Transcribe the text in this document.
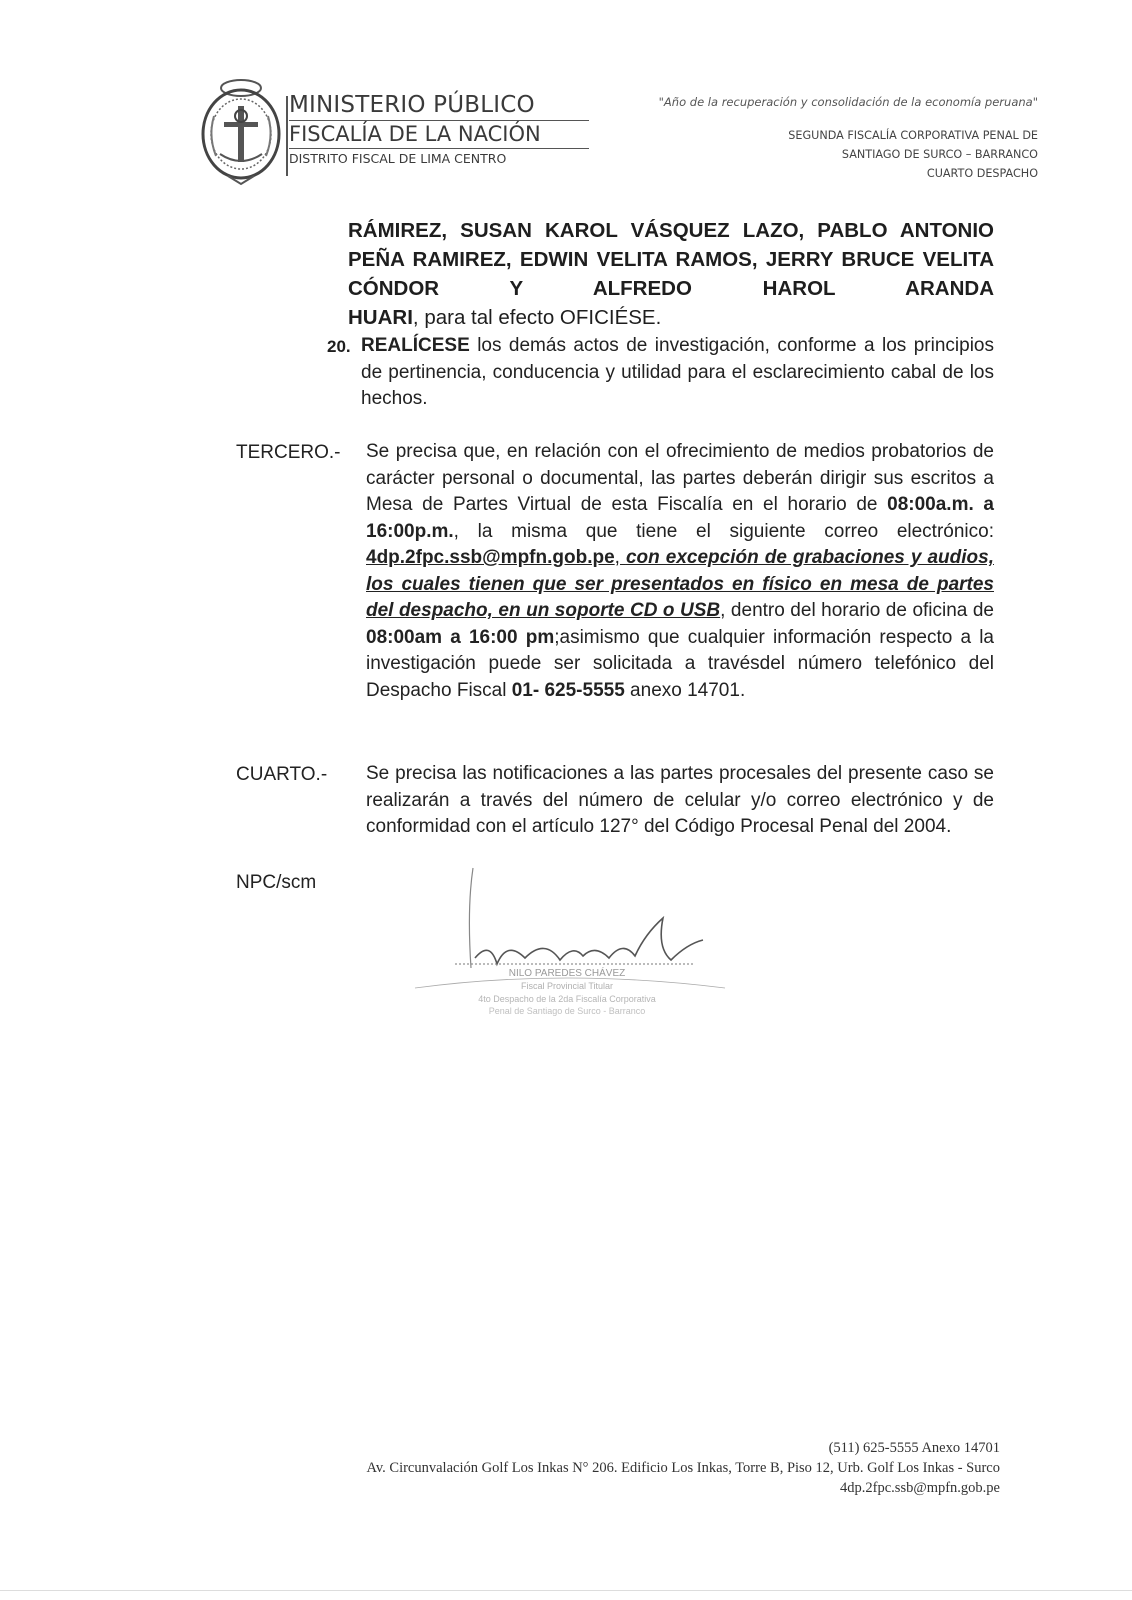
MINISTERIO PÚBLICO
FISCALÍA DE LA NACIÓN
DISTRITO FISCAL DE LIMA CENTRO
"Año de la recuperación y consolidación de la economía peruana"
SEGUNDA FISCALÍA CORPORATIVA PENAL DE
SANTIAGO DE SURCO – BARRANCO
CUARTO DESPACHO
RÁMIREZ, SUSAN KAROL VÁSQUEZ LAZO, PABLO ANTONIO PEÑA RAMIREZ, EDWIN VELITA RAMOS, JERRY BRUCE VELITA CÓNDOR Y ALFREDO HAROL ARANDA
HUARI, para tal efecto OFICIÉSE.
20. REALÍCESE los demás actos de investigación, conforme a los principios de pertinencia, conducencia y utilidad para el esclarecimiento cabal de los hechos.
TERCERO.- Se precisa que, en relación con el ofrecimiento de medios probatorios de carácter personal o documental, las partes deberán dirigir sus escritos a Mesa de Partes Virtual de esta Fiscalía en el horario de 08:00a.m. a 16:00p.m., la misma que tiene el siguiente correo electrónico: 4dp.2fpc.ssb@mpfn.gob.pe, con excepción de grabaciones y audios, los cuales tienen que ser presentados en físico en mesa de partes del despacho, en un soporte CD o USB, dentro del horario de oficina de 08:00am a 16:00 pm;asimismo que cualquier información respecto a la investigación puede ser solicitada a travésdel número telefónico del Despacho Fiscal 01- 625-5555 anexo 14701.
CUARTO.- Se precisa las notificaciones a las partes procesales del presente caso se realizarán a través del número de celular y/o correo electrónico y de conformidad con el artículo 127° del Código Procesal Penal del 2004.
NPC/scm
NILO PAREDES CHÁVEZ
Fiscal Provincial Titular
4to Despacho de la 2da Fiscalía Corporativa
Penal de Santiago de Surco - Barranco
(511) 625-5555 Anexo 14701
Av. Circunvalación Golf Los Inkas N° 206. Edificio Los Inkas, Torre B, Piso 12, Urb. Golf Los Inkas - Surco
4dp.2fpc.ssb@mpfn.gob.pe
